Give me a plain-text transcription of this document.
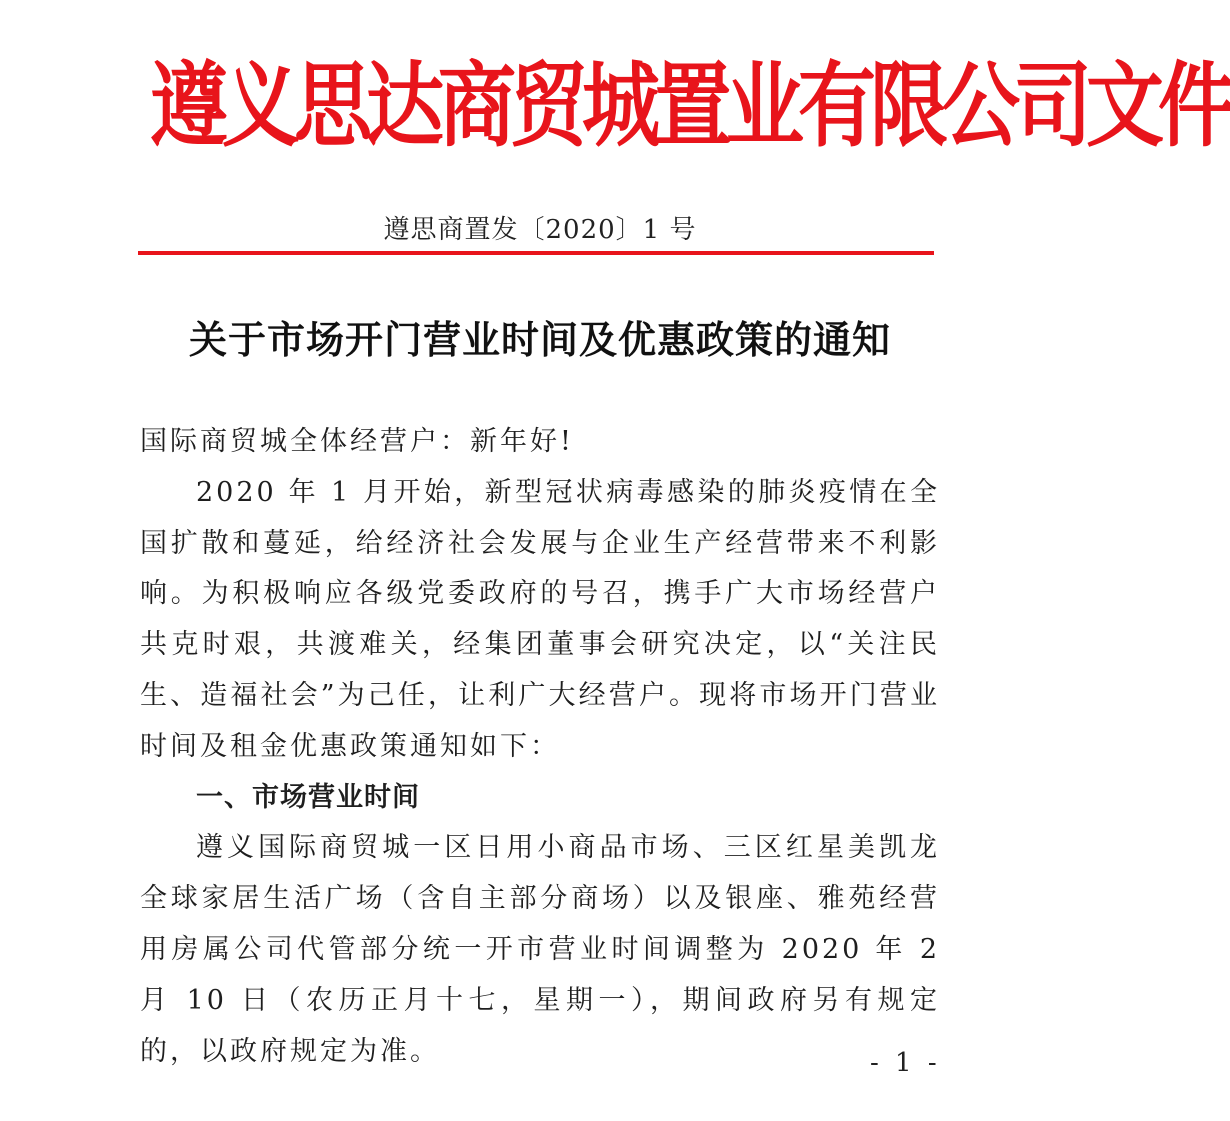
遵义思达商贸城置业有限公司文件
遵思商置发〔2020〕1 号
关于市场开门营业时间及优惠政策的通知

国际商贸城全体经营户：新年好!

2020 年 1 月开始，新型冠状病毒感染的肺炎疫情在全国扩散和蔓延，给经济社会发展与企业生产经营带来不利影响。为积极响应各级党委政府的号召，携手广大市场经营户共克时艰，共渡难关，经集团董事会研究决定，以“关注民生、造福社会”为己任，让利广大经营户。现将市场开门营业时间及租金优惠政策通知如下：

一、市场营业时间

遵义国际商贸城一区日用小商品市场、三区红星美凯龙全球家居生活广场（含自主部分商场）以及银座、雅苑经营用房属公司代管部分统一开市营业时间调整为 2020 年 2 月 10 日（农历正月十七，星期一），期间政府另有规定的，以政府规定为准。	- 1 -
